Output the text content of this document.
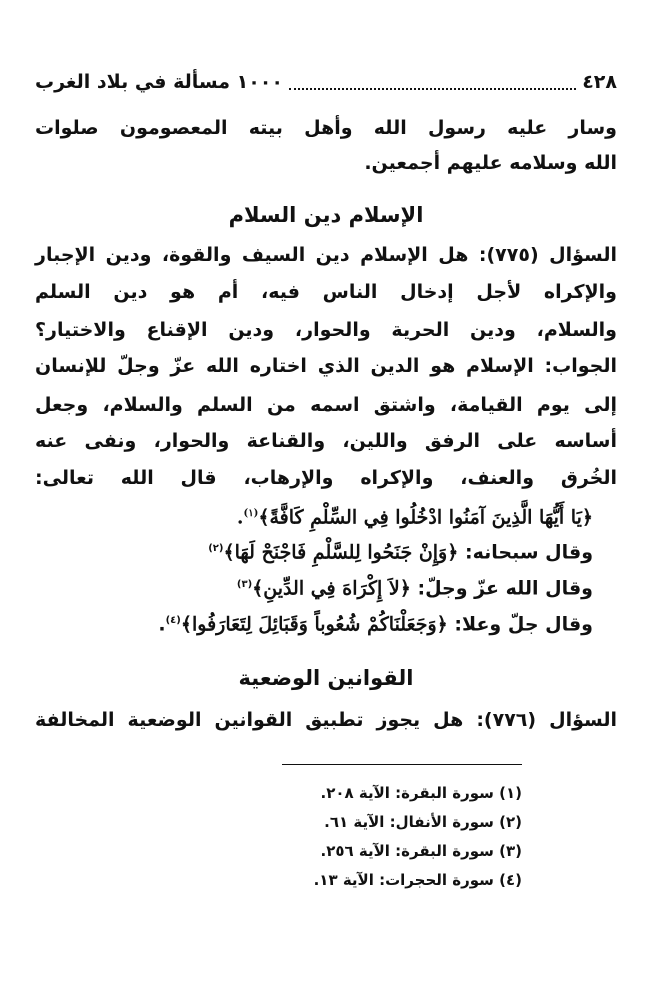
٤٢٨
١٠٠٠ مسألة في بلاد الغرب
وسار عليه رسول الله وأهل بيته المعصومون صلوات
الله وسلامه عليهم أجمعين.
الإسلام دين السلام
السؤال (٧٧٥): هل الإسلام دين السيف والقوة، ودين الإجبار
والإكراه لأجل إدخال الناس فيه، أم هو دين السلم
والسلام، ودين الحرية والحوار، ودين الإقناع والاختيار؟
الجواب: الإسلام هو الدين الذي اختاره الله عزّ وجلّ للإنسان
إلى يوم القيامة، واشتق اسمه من السلم والسلام، وجعل
أساسه على الرفق واللين، والقناعة والحوار، ونفى عنه
الخُرق والعنف، والإكراه والإرهاب، قال الله تعالى:
﴿يَا أَيُّهَا الَّذِينَ آمَنُوا ادْخُلُوا فِي السِّلْمِ كَافَّةً﴾$^{(١)}$.
وقال سبحانه: ﴿وَإِنْ جَنَحُوا لِلسَّلْمِ فَاجْنَحْ لَهَا﴾$^{(٢)}$
وقال الله عزّ وجلّ: ﴿لاَ إِكْرَاهَ فِي الدِّينِ﴾$^{(٣)}$
وقال جلّ وعلا: ﴿وَجَعَلْنَاكُمْ شُعُوباً وَقَبَائِلَ لِتَعَارَفُوا﴾$^{(٤)}$.
القوانين الوضعية
السؤال (٧٧٦): هل يجوز تطبيق القوانين الوضعية المخالفة
(١) سورة البقرة: الآية ٢٠٨.
(٢) سورة الأنفال: الآية ٦١.
(٣) سورة البقرة: الآية ٢٥٦.
(٤) سورة الحجرات: الآية ١٣.
